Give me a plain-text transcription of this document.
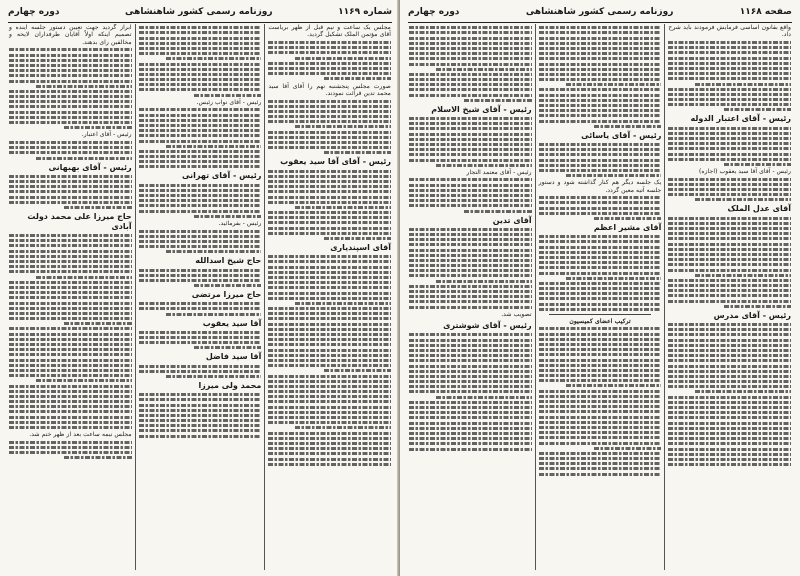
شماره ۱۱۶۹
روزنامه رسمی کشور شاهنشاهی
دوره چهارم

مجلس یک ساعت و نیم قبل از ظهر بریاست آقای مؤتمن الملک تشکیل گردید.

صورت مجلس پنجشنبه نهم را آقای آقا سید محمد تدین قرائت نمودند.

رئیس - آقای آقا سید یعقوب
آقای اسپندیاری

رئیس - آقای نواب رئیس.

رئیس - آقای تهرانی

رئیس - بفرمائید.

حاج شیخ اسدالله
حاج میرزا مرتضی
آقا سید یعقوب
آقا سید فاضل
محمد ولی میرزا

ابراز گردید جهت تعیین دستور جلسه آینده و تصمیم اینکه اولاً آقایان طرفداران لایحه و مخالفین رای بدهند.

رئیس - آقای اعتبار.

رئیس - آقای بهبهانی
حاج میرزا علی محمد دولت آبادی

مجلس نیمه ساعت بعد از ظهر ختم شد.

صفحه ۱۱۶۸
روزنامه رسمی کشور شاهنشاهی
دوره چهارم

واقع بقانون اساسی فرمایش فرمودند باید شرح داد.

رئیس - آقای اعتبار الدوله

رئیس - آقای آقا سید یعقوب (اجازه)

آقای عدل الملک
رئیس - آقای مدرس
رئیس - آقای یاسائی

یک جلسه دیگر هم کنار گذاشته شود و دستور جلسه آتیه معین گردد.

آقای مشیر اعظم
ترکیب اعضای کمیسیون
رئیس - آقای شیخ الاسلام

رئیس - آقای معتمد التجار

آقای تدین

تصویب شد.

رئیس - آقای شوشتری
